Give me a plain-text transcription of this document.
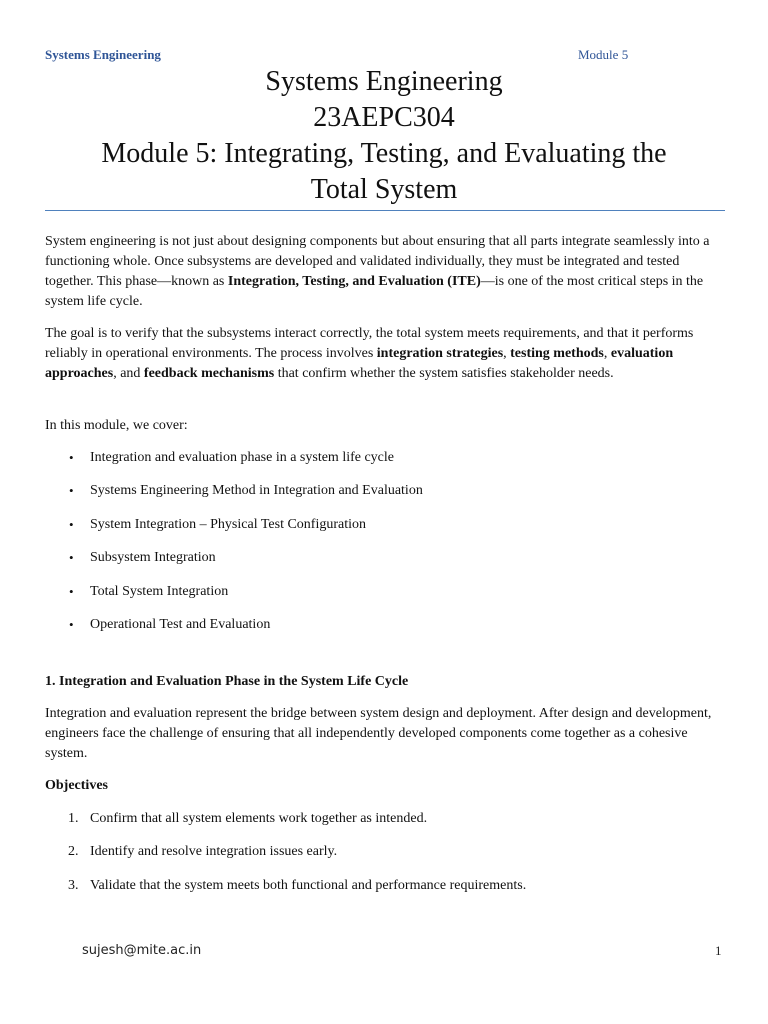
Systems Engineering	Module 5
Systems Engineering
23AEPC304
Module 5: Integrating, Testing, and Evaluating the
Total System

System engineering is not just about designing components but about ensuring that all parts integrate seamlessly into a functioning whole. Once subsystems are developed and validated individually, they must be integrated and tested together. This phase—known as Integration, Testing, and Evaluation (ITE)—is one of the most critical steps in the system life cycle.

The goal is to verify that the subsystems interact correctly, the total system meets requirements, and that it performs reliably in operational environments. The process involves integration strategies, testing methods, evaluation approaches, and feedback mechanisms that confirm whether the system satisfies stakeholder needs.

In this module, we cover:

• Integration and evaluation phase in a system life cycle
• Systems Engineering Method in Integration and Evaluation
• System Integration – Physical Test Configuration
• Subsystem Integration
• Total System Integration
• Operational Test and Evaluation

1. Integration and Evaluation Phase in the System Life Cycle

Integration and evaluation represent the bridge between system design and deployment. After design and development, engineers face the challenge of ensuring that all independently developed components come together as a cohesive system.

Objectives

1. Confirm that all system elements work together as intended.
2. Identify and resolve integration issues early.
3. Validate that the system meets both functional and performance requirements.
sujesh@mite.ac.in	1
